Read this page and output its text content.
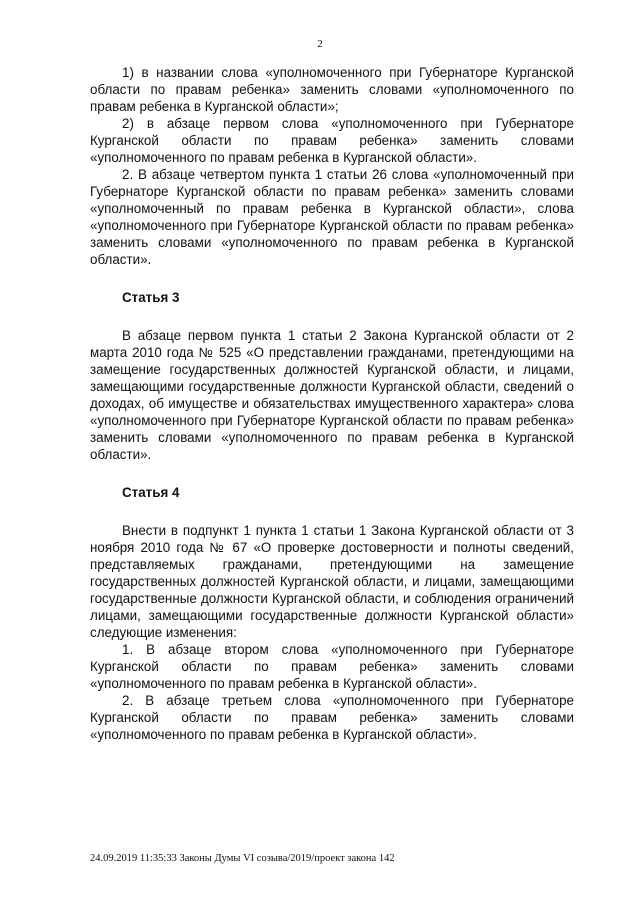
2

1) в названии слова «уполномоченного при Губернаторе Курганской области по правам ребенка» заменить словами «уполномоченного по правам ребенка в Курганской области»;

2) в абзаце первом слова «уполномоченного при Губернаторе Курганской области по правам ребенка» заменить словами «уполномоченного по правам ребенка в Курганской области».

2. В абзаце четвертом пункта 1 статьи 26 слова «уполномоченный при Губернаторе Курганской области по правам ребенка» заменить словами «уполномоченный по правам ребенка в Курганской области», слова «уполномоченного при Губернаторе Курганской области по правам ребенка» заменить словами «уполномоченного по правам ребенка в Курганской области».

Статья 3

В абзаце первом пункта 1 статьи 2 Закона Курганской области от 2 марта 2010 года № 525 «О представлении гражданами, претендующими на замещение государственных должностей Курганской области, и лицами, замещающими государственные должности Курганской области, сведений о доходах, об имуществе и обязательствах имущественного характера» слова «уполномоченного при Губернаторе Курганской области по правам ребенка» заменить словами «уполномоченного по правам ребенка в Курганской области».

Статья 4

Внести в подпункт 1 пункта 1 статьи 1 Закона Курганской области от 3 ноября 2010 года № 67 «О проверке достоверности и полноты сведений, представляемых гражданами, претендующими на замещение государственных должностей Курганской области, и лицами, замещающими государственные должности Курганской области, и соблюдения ограничений лицами, замещающими государственные должности Курганской области» следующие изменения:

1. В абзаце втором слова «уполномоченного при Губернаторе Курганской области по правам ребенка» заменить словами «уполномоченного по правам ребенка в Курганской области».

2. В абзаце третьем слова «уполномоченного при Губернаторе Курганской области по правам ребенка» заменить словами «уполномоченного по правам ребенка в Курганской области».

24.09.2019 11:35:33 Законы Думы VI созыва/2019/проект закона 142
